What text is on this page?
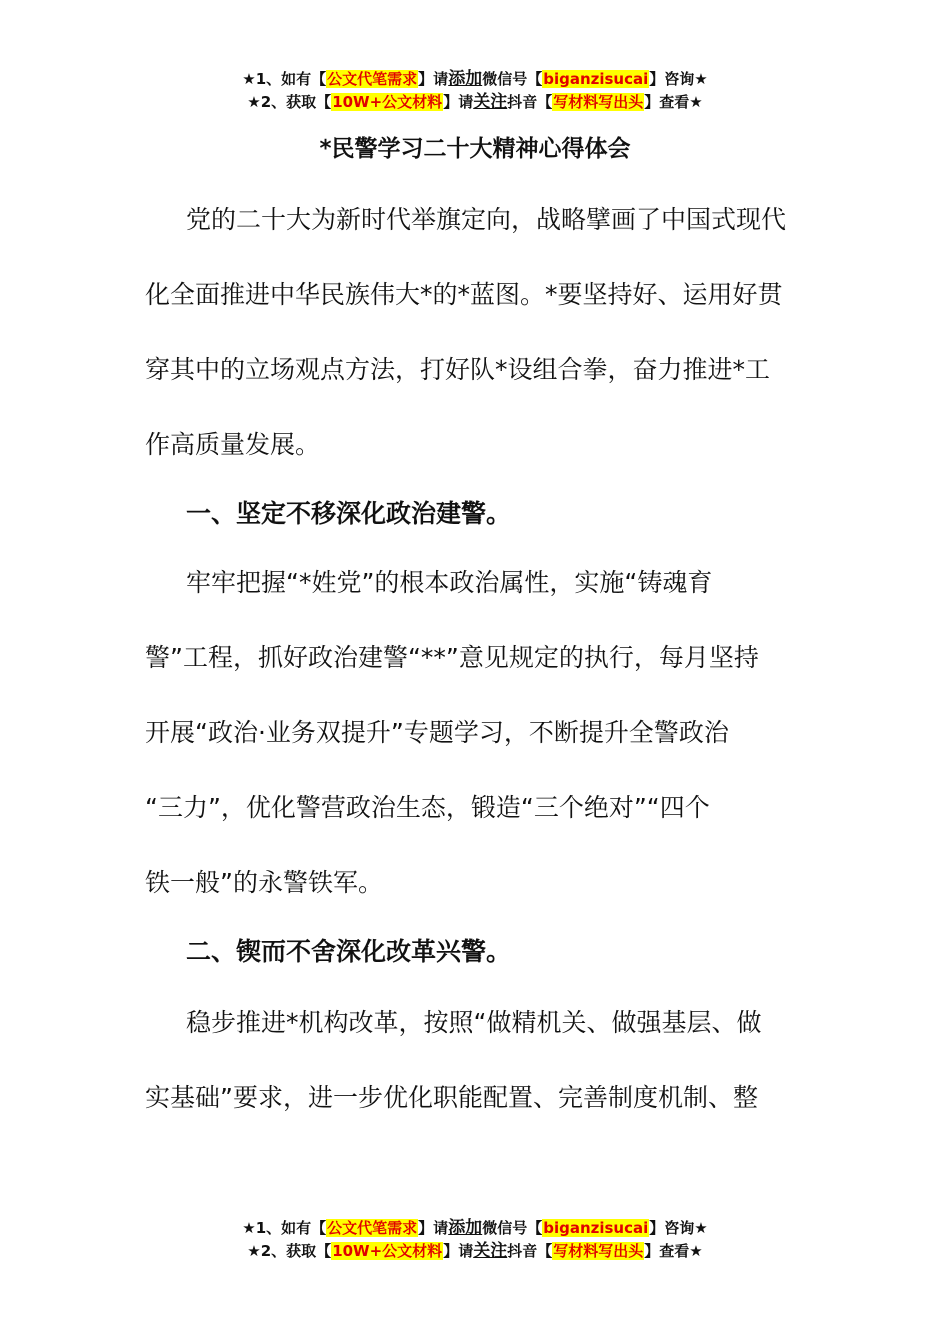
★1、如有【公文代笔需求】请添加微信号【biganzisucai】咨询★
★2、获取【10W+公文材料】请关注抖音【写材料写出头】查看★
*民警学习二十大精神心得体会
党的二十大为新时代举旗定向，战略擘画了中国式现代
化全面推进中华民族伟大*的*蓝图。*要坚持好、运用好贯
穿其中的立场观点方法，打好队*设组合拳，奋力推进*工
作高质量发展。
一、坚定不移深化政治建警。
牢牢把握“*姓党”的根本政治属性，实施“铸魂育
警”工程，抓好政治建警“**”意见规定的执行，每月坚持
开展“政治·业务双提升”专题学习，不断提升全警政治
“三力”，优化警营政治生态，锻造“三个绝对”“四个
铁一般”的永警铁军。
二、锲而不舍深化改革兴警。
稳步推进*机构改革，按照“做精机关、做强基层、做
实基础”要求，进一步优化职能配置、完善制度机制、整
★1、如有【公文代笔需求】请添加微信号【biganzisucai】咨询★
★2、获取【10W+公文材料】请关注抖音【写材料写出头】查看★
